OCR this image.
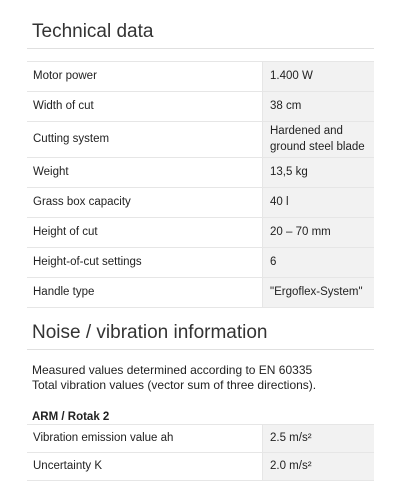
Technical data
Motor power	1.400 W
Width of cut	38 cm
Cutting system	Hardened and
ground steel blade
Weight	13,5 kg
Grass box capacity	40 l
Height of cut	20 – 70 mm
Height-of-cut settings	6
Handle type	"Ergoflex-System"
Noise / vibration information
Measured values determined according to EN 60335
Total vibration values (vector sum of three directions).
ARM / Rotak 2
Vibration emission value ah	2.5 m/s²
Uncertainty K	2.0 m/s²
